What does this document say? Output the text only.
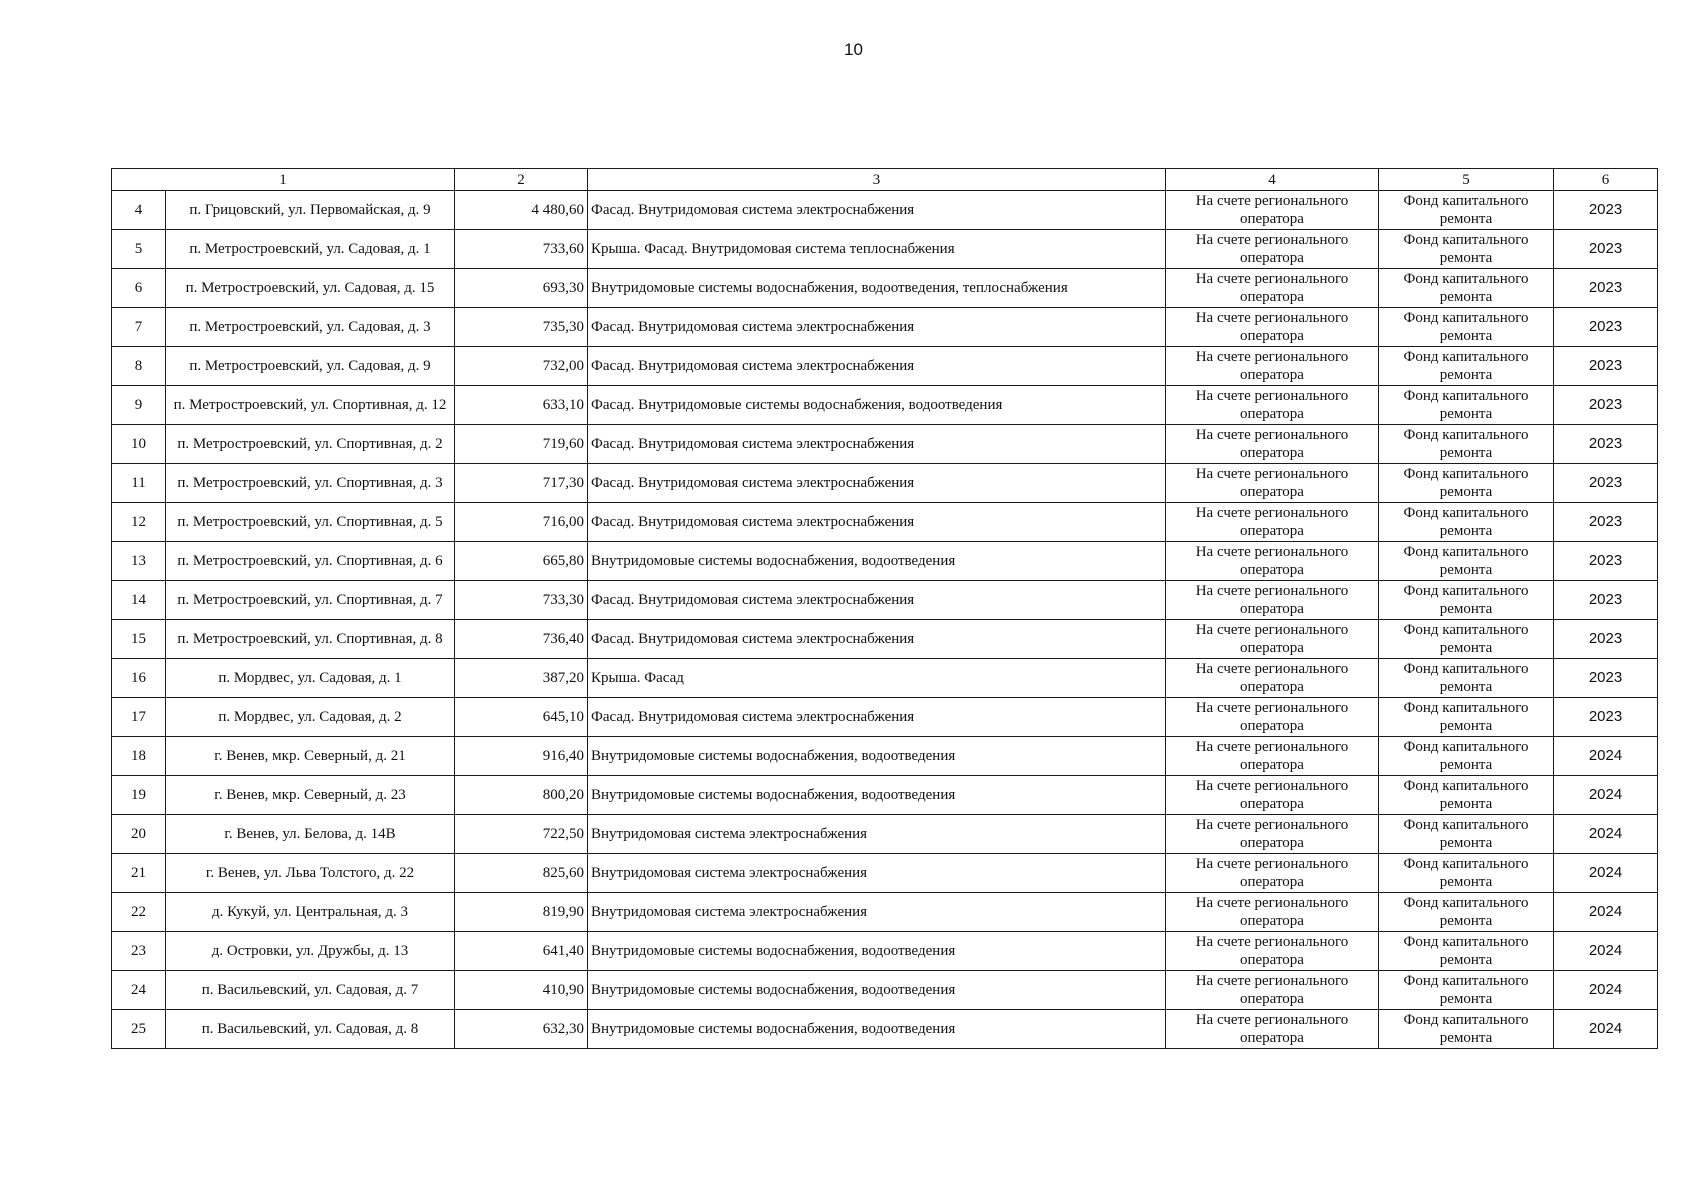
10
1		2	3	4	5	6
4	п. Грицовский, ул. Первомайская, д. 9	4 480,60	Фасад. Внутридомовая система электроснабжения	На счете регионального
оператора	Фонд капитального
ремонта	2023
5	п. Метростроевский, ул. Садовая, д. 1	733,60	Крыша. Фасад. Внутридомовая система теплоснабжения	На счете регионального
оператора	Фонд капитального
ремонта	2023
6	п. Метростроевский, ул. Садовая, д. 15	693,30	Внутридомовые системы водоснабжения, водоотведения, теплоснабжения	На счете регионального
оператора	Фонд капитального
ремонта	2023
7	п. Метростроевский, ул. Садовая, д. 3	735,30	Фасад. Внутридомовая система электроснабжения	На счете регионального
оператора	Фонд капитального
ремонта	2023
8	п. Метростроевский, ул. Садовая, д. 9	732,00	Фасад. Внутридомовая система электроснабжения	На счете регионального
оператора	Фонд капитального
ремонта	2023
9	п. Метростроевский, ул. Спортивная, д. 12	633,10	Фасад. Внутридомовые системы водоснабжения, водоотведения	На счете регионального
оператора	Фонд капитального
ремонта	2023
10	п. Метростроевский, ул. Спортивная, д. 2	719,60	Фасад. Внутридомовая система электроснабжения	На счете регионального
оператора	Фонд капитального
ремонта	2023
11	п. Метростроевский, ул. Спортивная, д. 3	717,30	Фасад. Внутридомовая система электроснабжения	На счете регионального
оператора	Фонд капитального
ремонта	2023
12	п. Метростроевский, ул. Спортивная, д. 5	716,00	Фасад. Внутридомовая система электроснабжения	На счете регионального
оператора	Фонд капитального
ремонта	2023
13	п. Метростроевский, ул. Спортивная, д. 6	665,80	Внутридомовые системы водоснабжения, водоотведения	На счете регионального
оператора	Фонд капитального
ремонта	2023
14	п. Метростроевский, ул. Спортивная, д. 7	733,30	Фасад. Внутридомовая система электроснабжения	На счете регионального
оператора	Фонд капитального
ремонта	2023
15	п. Метростроевский, ул. Спортивная, д. 8	736,40	Фасад. Внутридомовая система электроснабжения	На счете регионального
оператора	Фонд капитального
ремонта	2023
16	п. Мордвес, ул. Садовая, д. 1	387,20	Крыша. Фасад	На счете регионального
оператора	Фонд капитального
ремонта	2023
17	п. Мордвес, ул. Садовая, д. 2	645,10	Фасад. Внутридомовая система электроснабжения	На счете регионального
оператора	Фонд капитального
ремонта	2023
18	г. Венев, мкр. Северный, д. 21	916,40	Внутридомовые системы водоснабжения, водоотведения	На счете регионального
оператора	Фонд капитального
ремонта	2024
19	г. Венев, мкр. Северный, д. 23	800,20	Внутридомовые системы водоснабжения, водоотведения	На счете регионального
оператора	Фонд капитального
ремонта	2024
20	г. Венев, ул. Белова, д. 14В	722,50	Внутридомовая система электроснабжения	На счете регионального
оператора	Фонд капитального
ремонта	2024
21	г. Венев, ул. Льва Толстого, д. 22	825,60	Внутридомовая система электроснабжения	На счете регионального
оператора	Фонд капитального
ремонта	2024
22	д. Кукуй, ул. Центральная, д. 3	819,90	Внутридомовая система электроснабжения	На счете регионального
оператора	Фонд капитального
ремонта	2024
23	д. Островки, ул. Дружбы, д. 13	641,40	Внутридомовые системы водоснабжения, водоотведения	На счете регионального
оператора	Фонд капитального
ремонта	2024
24	п. Васильевский, ул. Садовая, д. 7	410,90	Внутридомовые системы водоснабжения, водоотведения	На счете регионального
оператора	Фонд капитального
ремонта	2024
25	п. Васильевский, ул. Садовая, д. 8	632,30	Внутридомовые системы водоснабжения, водоотведения	На счете регионального
оператора	Фонд капитального
ремонта	2024
